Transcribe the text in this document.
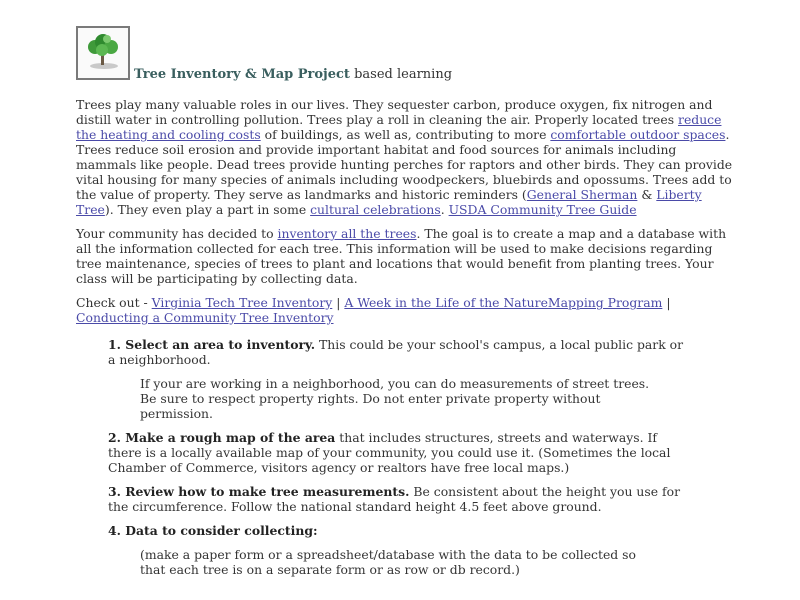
Tree Inventory & Map Project based learning

Trees play many valuable roles in our lives. They sequester carbon, produce oxygen, fix nitrogen and distill water in controlling pollution. Trees play a roll in cleaning the air. Properly located trees reduce the heating and cooling costs of buildings, as well as, contributing to more comfortable outdoor spaces. Trees reduce soil erosion and provide important habitat and food sources for animals including mammals like people. Dead trees provide hunting perches for raptors and other birds. They can provide vital housing for many species of animals including woodpeckers, bluebirds and opossums. Trees add to the value of property. They serve as landmarks and historic reminders (General Sherman & Liberty Tree). They even play a part in some cultural celebrations. USDA Community Tree Guide

Your community has decided to inventory all the trees. The goal is to create a map and a database with all the information collected for each tree. This information will be used to make decisions regarding tree maintenance, species of trees to plant and locations that would benefit from planting trees. Your class will be participating by collecting data.

Check out - Virginia Tech Tree Inventory | A Week in the Life of the NatureMapping Program | Conducting a Community Tree Inventory

1. Select an area to inventory. This could be your school's campus, a local public park or a neighborhood.
If your are working in a neighborhood, you can do measurements of street trees. Be sure to respect property rights. Do not enter private property without permission.
2. Make a rough map of the area that includes structures, streets and waterways. If there is a locally available map of your community, you could use it. (Sometimes the local Chamber of Commerce, visitors agency or realtors have free local maps.)
3. Review how to make tree measurements. Be consistent about the height you use for the circumference. Follow the national standard height 4.5 feet above ground.
4. Data to consider collecting:
(make a paper form or a spreadsheet/database with the data to be collected so that each tree is on a separate form or as row or db record.)
